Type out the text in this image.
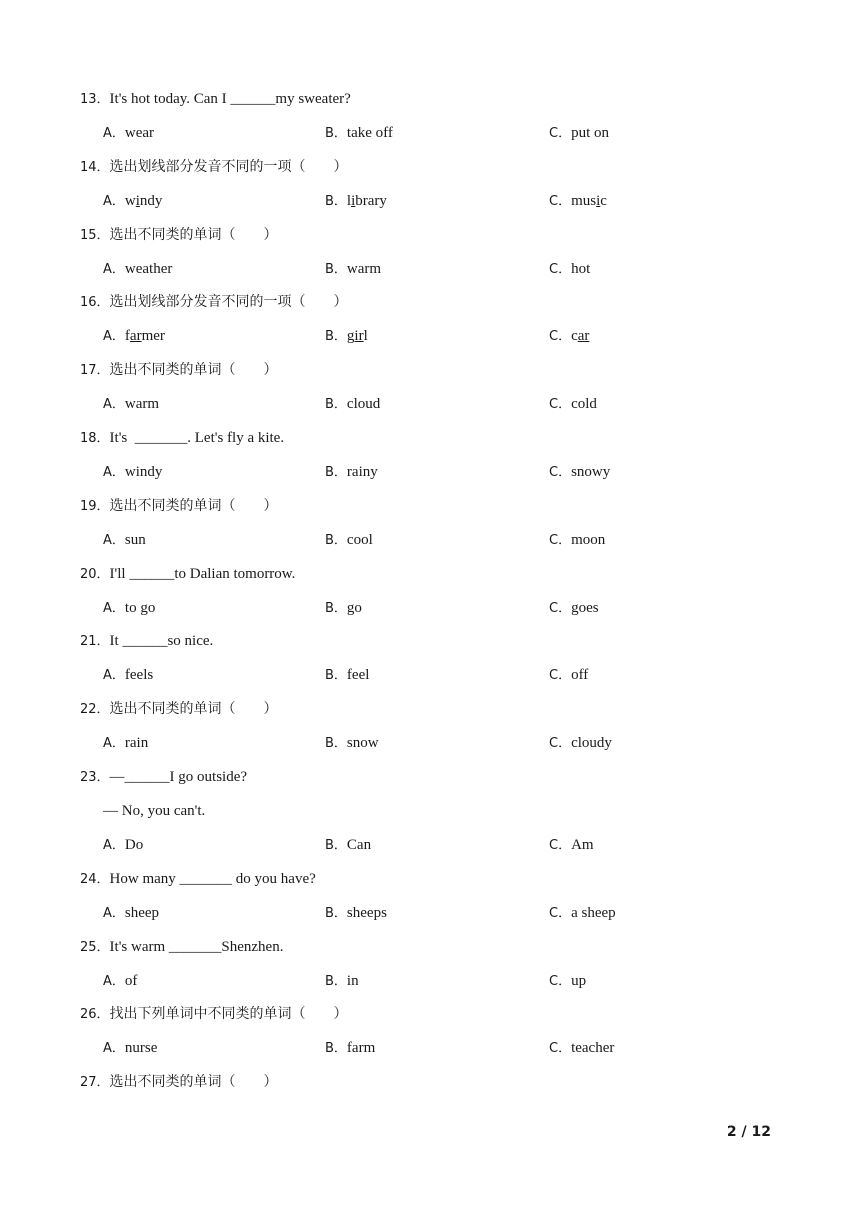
13．It's hot today. Can I ______my sweater?
A．wear	B．take off	C．put on
14．选出划线部分发音不同的一项（　　）
A．windy	B．library	C．music
15．选出不同类的单词（　　）
A．weather	B．warm	C．hot
16．选出划线部分发音不同的一项（　　）
A．farmer	B．girl	C．car
17．选出不同类的单词（　　）
A．warm	B．cloud	C．cold
18．It's  _______. Let's fly a kite.
A．windy	B．rainy	C．snowy
19．选出不同类的单词（　　）
A．sun	B．cool	C．moon
20．I'll ______to Dalian tomorrow.
A．to go	B．go	C．goes
21．It ______so nice.
A．feels	B．feel	C．off
22．选出不同类的单词（　　）
A．rain	B．snow	C．cloudy
23．—______I go outside?
— No, you can't.
A．Do	B．Can	C．Am
24．How many _______ do you have?
A．sheep	B．sheeps	C．a sheep
25．It's warm _______Shenzhen.
A．of	B．in	C．up
26．找出下列单词中不同类的单词（　　）
A．nurse	B．farm	C．teacher
27．选出不同类的单词（　　）
2 / 12
